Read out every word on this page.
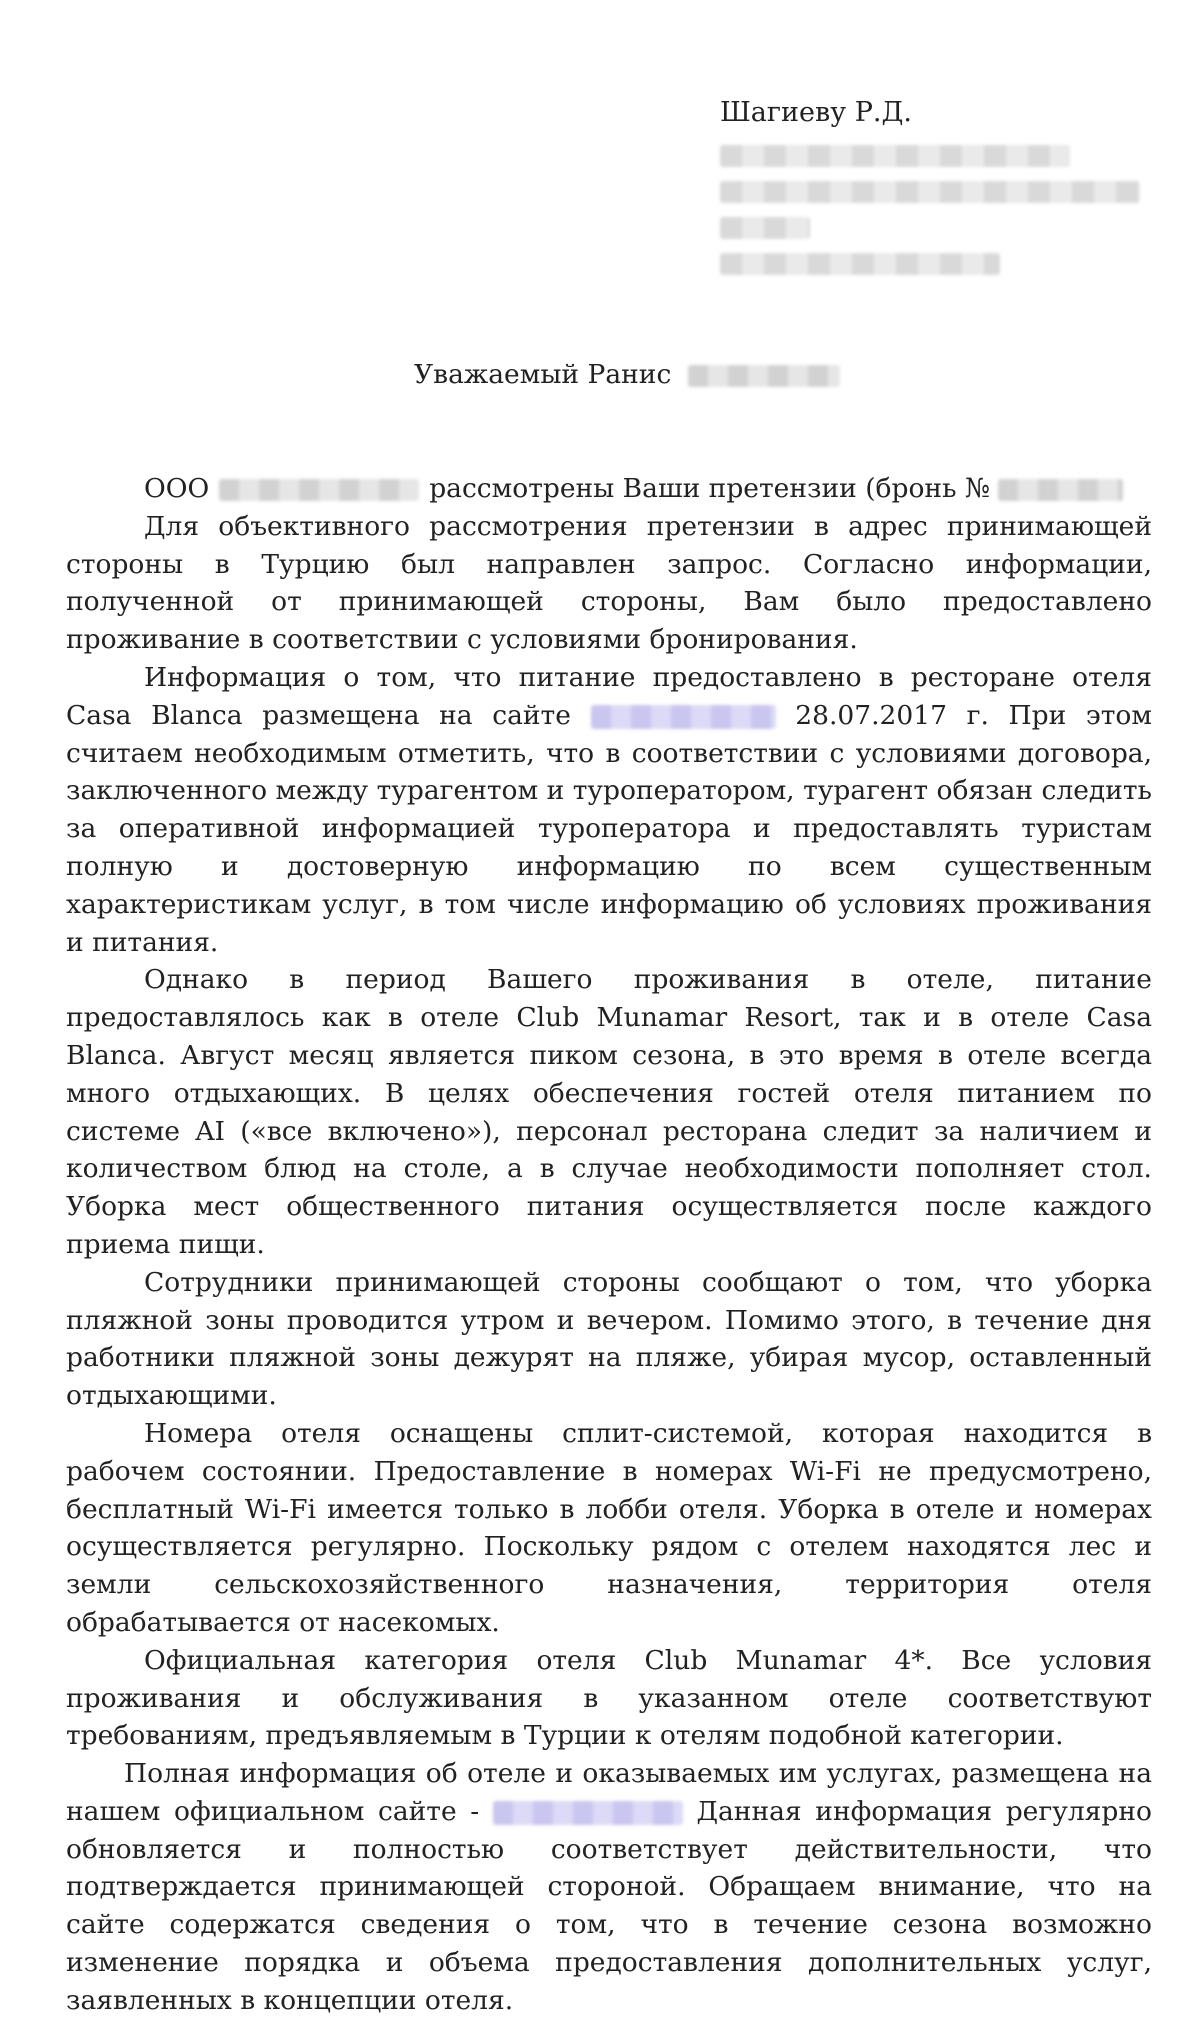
Шагиеву Р.Д.
Уважаемый Ранис

ООО	рассмотрены Ваши претензии (бронь №

Для объективного рассмотрения претензии в адрес принимающей стороны в Турцию был направлен запрос. Согласно информации, полученной от принимающей стороны, Вам было предоставлено проживание в соответствии с условиями бронирования.

Информация о том, что питание предоставлено в ресторане отеля Casa Blanca размещена на сайте	28.07.2017 г. При этом считаем необходимым отметить, что в соответствии с условиями договора, заключенного между турагентом и туроператором, турагент обязан следить за оперативной информацией туроператора и предоставлять туристам полную и достоверную информацию по всем существенным характеристикам услуг, в том числе информацию об условиях проживания и питания.

Однако в период Вашего проживания в отеле, питание предоставлялось как в отеле Club Munamar Resort, так и в отеле Casa Blanca. Август месяц является пиком сезона, в это время в отеле всегда много отдыхающих. В целях обеспечения гостей отеля питанием по системе AI («все включено»), персонал ресторана следит за наличием и количеством блюд на столе, а в случае необходимости пополняет стол. Уборка мест общественного питания осуществляется после каждого приема пищи.

Сотрудники принимающей стороны сообщают о том, что уборка пляжной зоны проводится утром и вечером. Помимо этого, в течение дня работники пляжной зоны дежурят на пляже, убирая мусор, оставленный отдыхающими.

Номера отеля оснащены сплит-системой, которая находится в рабочем состоянии. Предоставление в номерах Wi-Fi не предусмотрено, бесплатный Wi-Fi имеется только в лобби отеля. Уборка в отеле и номерах осуществляется регулярно. Поскольку рядом с отелем находятся лес и земли сельскохозяйственного назначения, территория отеля обрабатывается от насекомых.

Официальная категория отеля Club Munamar 4*. Все условия проживания и обслуживания в указанном отеле соответствуют требованиям, предъявляемым в Турции к отелям подобной категории.

Полная информация об отеле и оказываемых им услугах, размещена на нашем официальном сайте -	Данная информация регулярно обновляется и полностью соответствует действительности, что подтверждается принимающей стороной. Обращаем внимание, что на сайте содержатся сведения о том, что в течение сезона возможно изменение порядка и объема предоставления дополнительных услуг, заявленных в концепции отеля.
